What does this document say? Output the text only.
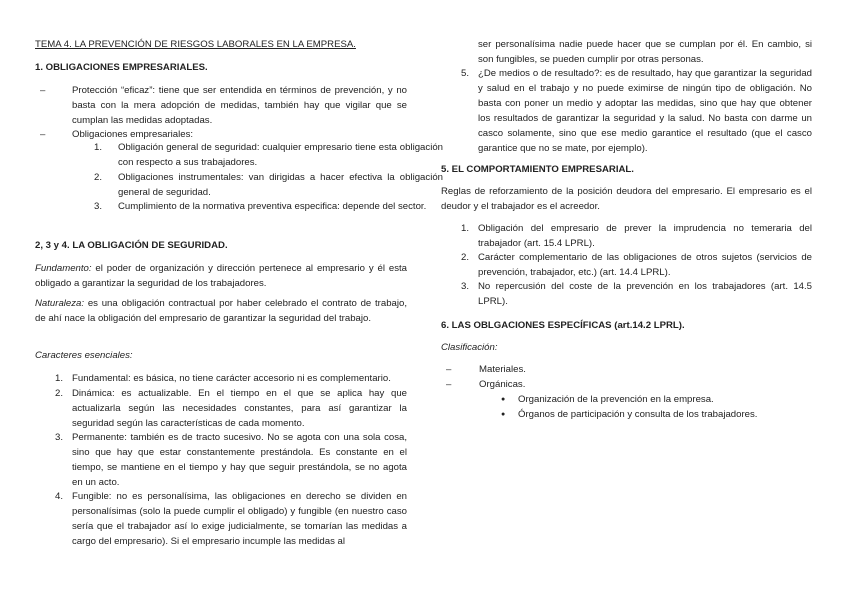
TEMA 4. LA PREVENCIÓN DE RIESGOS LABORALES EN LA EMPRESA.

1. OBLIGACIONES EMPRESARIALES.

– Protección “eficaz”: tiene que ser entendida en términos de prevención, y no basta con la mera adopción de medidas, también hay que vigilar que se cumplan las medidas adoptadas.
– Obligaciones empresariales:
1. Obligación general de seguridad: cualquier empresario tiene esta obligación con respecto a sus trabajadores.
2. Obligaciones instrumentales: van dirigidas a hacer efectiva la obligación general de seguridad.
3. Cumplimiento de la normativa preventiva especifica: depende del sector.

2, 3 y 4. LA OBLIGACIÓN DE SEGURIDAD.

Fundamento: el poder de organización y dirección pertenece al empresario y él esta obligado a garantizar la seguridad de los trabajadores.

Naturaleza: es una obligación contractual por haber celebrado el contrato de trabajo, de ahí nace la obligación del empresario de garantizar la seguridad del trabajo.

Caracteres esenciales:

1. Fundamental: es básica, no tiene carácter accesorio ni es complementario.
2. Dinámica: es actualizable. En el tiempo en el que se aplica hay que actualizarla según las necesidades constantes, para así garantizar la seguridad según las características de cada momento.
3. Permanente: también es de tracto sucesivo. No se agota con una sola cosa, sino que hay que estar constantemente prestándola. Es constante en el tiempo, se mantiene en el tiempo y hay que seguir prestándola, se no agota en un acto.
4. Fungible: no es personalísima, las obligaciones en derecho se dividen en personalísimas (solo la puede cumplir el obligado) y fungible (en nuestro caso sería que el trabajador así lo exige judicialmente, se tomarían las medidas a cargo del empresario). Si el empresario incumple las medidas al

ser personalísima nadie puede hacer que se cumplan por él. En cambio, si son fungibles, se pueden cumplir por otras personas.

5. ¿De medios o de resultado?: es de resultado, hay que garantizar la seguridad y salud en el trabajo y no puede eximirse de ningún tipo de obligación. No basta con poner un medio y adoptar las medidas, sino que hay que obtener los resultados de garantizar la seguridad y la salud. No basta con darme un casco solamente, sino que ese medio garantice el resultado (que el casco garantice que no se mate, por ejemplo).

5. EL COMPORTAMIENTO EMPRESARIAL.

Reglas de reforzamiento de la posición deudora del empresario. El empresario es el deudor y el trabajador es el acreedor.

1. Obligación del empresario de prever la imprudencia no temeraria del trabajador (art. 15.4 LPRL).
2. Carácter complementario de las obligaciones de otros sujetos (servicios de prevención, trabajador, etc.) (art. 14.4 LPRL).
3. No repercusión del coste de la prevención en los trabajadores (art. 14.5 LPRL).

6. LAS OBLGACIONES ESPECÍFICAS (art.14.2 LPRL).

Clasificación:

– Materiales.
– Orgánicas.
● Organización de la prevención en la empresa.
● Órganos de participación y consulta de los trabajadores.
